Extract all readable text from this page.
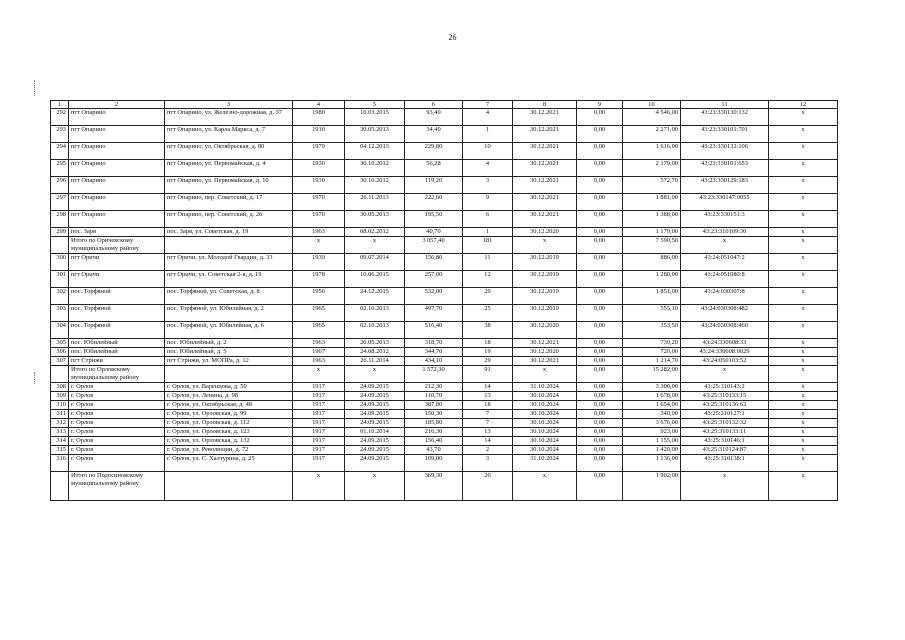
26
1	2	3	4	5	6	7	8	9	10	11	12
292	пгт Опарино	пгт Опарино, ул. Железно-дорожная, д. 37	1980	10.03.2015	93,40	4	30.12.2021	0,00	4 546,00	43:23:330130:132	х
293	пгт Опарино	пгт Опарино, ул. Карла Маркса, д. 7	1910	30.05.2013	34,40	1	30.12.2021	0,00	2 271,00	43:23:330101:701	х
294	пгт Опарино	пгт Опарино, ул. Октябрьская, д. 80	1979	04.12.2013	229,80	10	30.12.2021	0,00	1 616,00	43:23:330132:106	х
295	пгт Опарино	пгт Опарино, ул. Первомайская, д. 4	1930	30.10.2012	56,28	4	30.12.2021	0,00	2 179,00	43:23:330101:653	х
296	пгт Опарино	пгт Опарино, ул. Первомайская, д. 10	1930	30.10.2012	119,20	3	30.12.2021	0,00	572,70	43:23:330129:183	х
297	пгт Опарино	пгт Опарино, пер. Советский, д. 17	1970	26.11.2013	222,60	9	30.12.2021	0,00	1 881,00	43:23:330147:0055	х
298	пгт Опарино	пгт Опарино, пер. Советский, д. 26	1970	30.05.2013	195,50	6	30.12.2021	0,00	1 388,00	43:23:330151:3	х
299	пос. Заря	пос. Заря, ул. Советская, д. 19	1963	08.02.2012	40,70	1	30.12.2020	0,00	1 179,00	43:23:310109:30	х
	Итого по Оричевскому муниципальному району		х	х	3 057,40	181	х	0,00	7 590,50	х	х
300	пгт Оричи	пгт Оричи, ул. Молодой Гвардии, д. 33	1939	09.07.2014	156,80	11	30.12.2019	0,00	886,00	43:24:051047:2	х
301	пгт Оричи	пгт Оричи, ул. Советская 2-я, д. 19	1978	10.06.2015	257,00	12	30.12.2019	0,00	1 280,00	43:24:051080:8	х
302	пос. Торфяной	пос. Торфяной, ул. Советская, д. 8	1956	24.12.2015	532,00	29	30.12.2019	0,00	1 851,00	43:24:030307:8	х
303	пос. Торфяной	пос. Торфяной, ул. Юбилейная, д. 2	1965	02.10.2013	497,70	25	30.12.2019	0,00	555,10	43:24:030308:482	х
304	пос. Торфяной	пос. Торфяной, ул. Юбилейная, д. 6	1965	02.10.2013	516,40	38	30.12.2020	0,00	353,50	43:24:030308:460	х
305	пос. Юбилейный	пос. Юбилейный, д. 2	1963	20.05.2013	318,70	18	30.12.2021	0,00	730,20	43:24:330608:33	х
306	пос. Юбилейный	пос. Юбилейный, д. 5	1967	24.08.2012	344,70	19	30.12.2020	0,00	720,00	43:24:330608:0029	х
307	пгт Стрижи	пгт Стрижи, ул. МОПРа, д. 12	1963	26.11.2014	434,10	29	30.12.2021	0,00	1 214,70	43:24:050103:52	х
	Итого по Орловскому муниципальному району		х	х	1 572,30	91	х	0,00	15 282,00	х	х
308	г. Орлов	г. Орлов, ул. Варенцова, д. 50	1917	24.09.2015	212,30	14	31.10.2024	0,00	3 300,00	43:25:310143:2	х
309	г. Орлов	г. Орлов, ул. Ленина, д. 98	1917	24.09.2015	110,70	13	30.10.2024	0,00	1 678,00	43:25:310133:15	х
310	г. Орлов	г. Орлов, ул. Октябрьская, д. 48	1917	24.09.2015	387,80	18	30.10.2024	0,00	1 654,00	43:25:310136:62	х
311	г. Орлов	г. Орлов, ул. Орловская, д. 99	1917	24.09.2015	150,30	7	30.10.2024	0,00	340,00	43:25:310127:1	х
312	г. Орлов	г. Орлов, ул. Орловская, д. 112	1917	24.09.2015	185,80	7	30.10.2024	0,00	3 676,00	43:25:310132:32	х
313	г. Орлов	г. Орлов, ул. Орловская, д. 123	1917	01.10.2014	216,30	13	30.10.2024	0,00	923,00	43:25:310133:11	х
314	г. Орлов	г. Орлов, ул. Орловская, д. 132	1917	24.09.2015	156,40	14	30.10.2024	0,00	1 155,00	43:25:310146:1	х
315	г. Орлов	г. Орлов, ул. Революции, д. 72	1917	24.09.2015	43,70	2	30.10.2024	0,00	1 420,00	43:25:310124:87	х
316	г. Орлов	г. Орлов, ул. С. Халтурина, д. 25	1917	24.09.2015	109,00	3	31.10.2024	0,00	1 136,00	43:25:310138:1	х
	Итого по Подосиновскому муниципальному району		х	х	369,30	20	х	0,00	1 902,00	х	х
